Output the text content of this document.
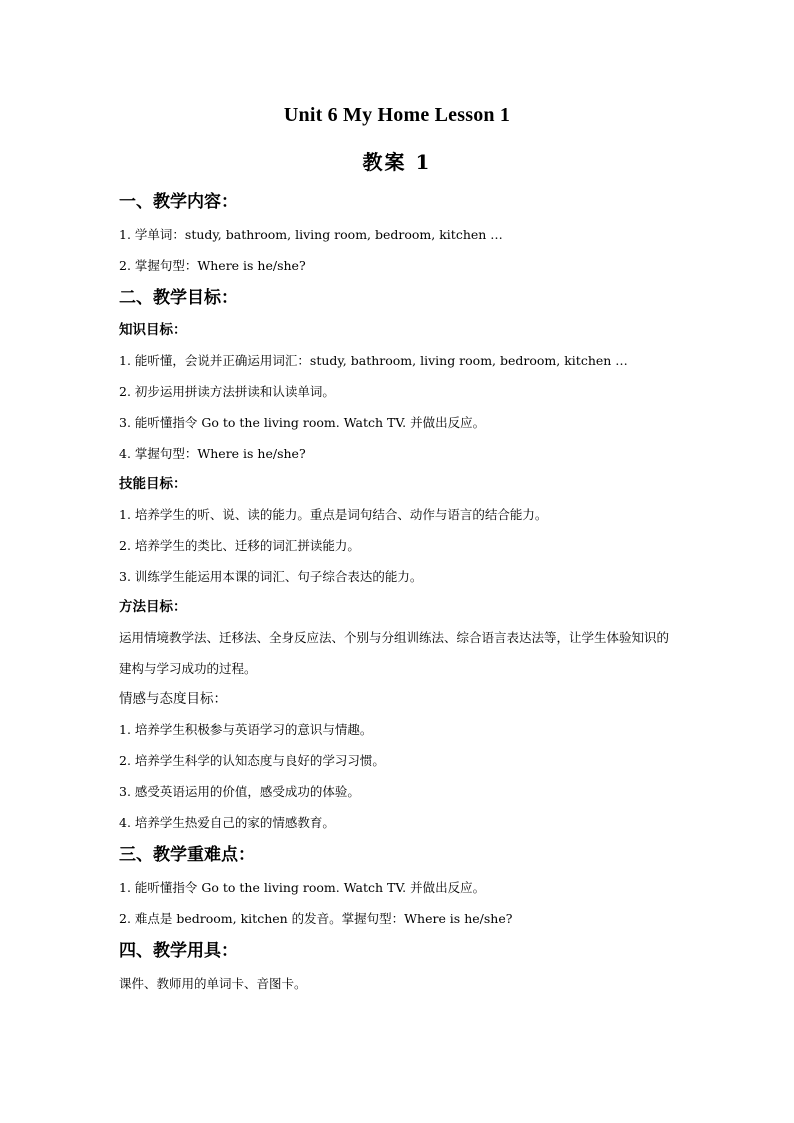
Unit 6 My Home Lesson 1
教案 1
一、教学内容：
1. 学单词：study, bathroom, living room, bedroom, kitchen …
2. 掌握句型：Where is he/she?
二、教学目标：
知识目标：
1. 能听懂，会说并正确运用词汇：study, bathroom, living room, bedroom, kitchen …
2. 初步运用拼读方法拼读和认读单词。
3. 能听懂指令 Go to the living room. Watch TV. 并做出反应。
4. 掌握句型：Where is he/she?
技能目标：
1. 培养学生的听、说、读的能力。重点是词句结合、动作与语言的结合能力。
2. 培养学生的类比、迁移的词汇拼读能力。
3. 训练学生能运用本课的词汇、句子综合表达的能力。
方法目标：
运用情境教学法、迁移法、全身反应法、个别与分组训练法、综合语言表达法等，让学生体验知识的建构与学习成功的过程。
情感与态度目标：
1. 培养学生积极参与英语学习的意识与情趣。
2. 培养学生科学的认知态度与良好的学习习惯。
3. 感受英语运用的价值，感受成功的体验。
4. 培养学生热爱自己的家的情感教育。
三、教学重难点：
1. 能听懂指令 Go to the living room. Watch TV. 并做出反应。
2. 难点是 bedroom, kitchen 的发音。掌握句型：Where is he/she?
四、教学用具：
课件、教师用的单词卡、音图卡。
